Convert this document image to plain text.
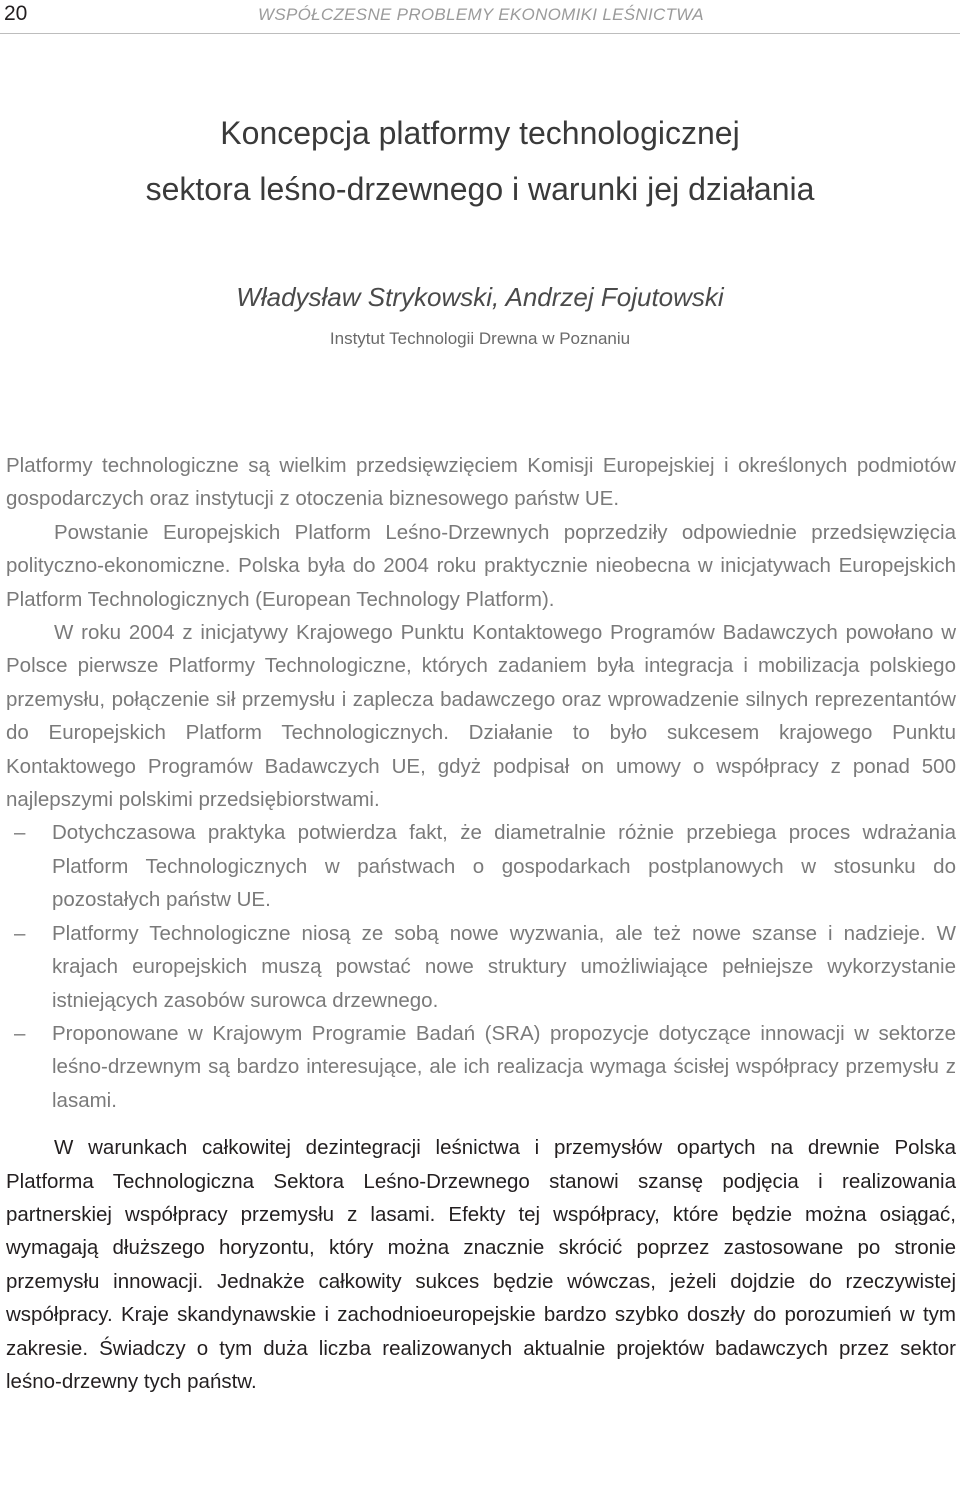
20	WSPÓŁCZESNE PROBLEMY EKONOMIKI LEŚNICTWA
Koncepcja platformy technologicznej
sektora leśno-drzewnego i warunki jej działania
Władysław Strykowski, Andrzej Fojutowski
Instytut Technologii Drewna w Poznaniu

Platformy technologiczne są wielkim przedsięwzięciem Komisji Europejskiej i określonych podmiotów gospodarczych oraz instytucji z otoczenia biznesowego państw UE.

Powstanie Europejskich Platform Leśno-Drzewnych poprzedziły odpowiednie przedsięwzięcia polityczno-ekonomiczne. Polska była do 2004 roku praktycznie nieobecna w inicjatywach Europejskich Platform Technologicznych (European Technology Platform).

W roku 2004 z inicjatywy Krajowego Punktu Kontaktowego Programów Badawczych powołano w Polsce pierwsze Platformy Technologiczne, których zadaniem była integracja i mobilizacja polskiego przemysłu, połączenie sił przemysłu i zaplecza badawczego oraz wprowadzenie silnych reprezentantów do Europejskich Platform Technologicznych. Działanie to było sukcesem krajowego Punktu Kontaktowego Programów Badawczych UE, gdyż podpisał on umowy o współpracy z ponad 500 najlepszymi polskimi przedsiębiorstwami.

– Dotychczasowa praktyka potwierdza fakt, że diametralnie różnie przebiega proces wdrażania Platform Technologicznych w państwach o gospodarkach postplanowych w stosunku do pozostałych państw UE.
– Platformy Technologiczne niosą ze sobą nowe wyzwania, ale też nowe szanse i nadzieje. W krajach europejskich muszą powstać nowe struktury umożliwiające pełniejsze wykorzystanie istniejących zasobów surowca drzewnego.
– Proponowane w Krajowym Programie Badań (SRA) propozycje dotyczące innowacji w sektorze leśno-drzewnym są bardzo interesujące, ale ich realizacja wymaga ścisłej współpracy przemysłu z lasami.

W warunkach całkowitej dezintegracji leśnictwa i przemysłów opartych na drewnie Polska Platforma Technologiczna Sektora Leśno-Drzewnego stanowi szansę podjęcia i realizowania partnerskiej współpracy przemysłu z lasami. Efekty tej współpracy, które będzie można osiągać, wymagają dłuższego horyzontu, który można znacznie skrócić poprzez zastosowane po stronie przemysłu innowacji. Jednakże całkowity sukces będzie wówczas, jeżeli dojdzie do rzeczywistej współpracy. Kraje skandynawskie i zachodnioeuropejskie bardzo szybko doszły do porozumień w tym zakresie. Świadczy o tym duża liczba realizowanych aktualnie projektów badawczych przez sektor leśno-drzewny tych państw.
